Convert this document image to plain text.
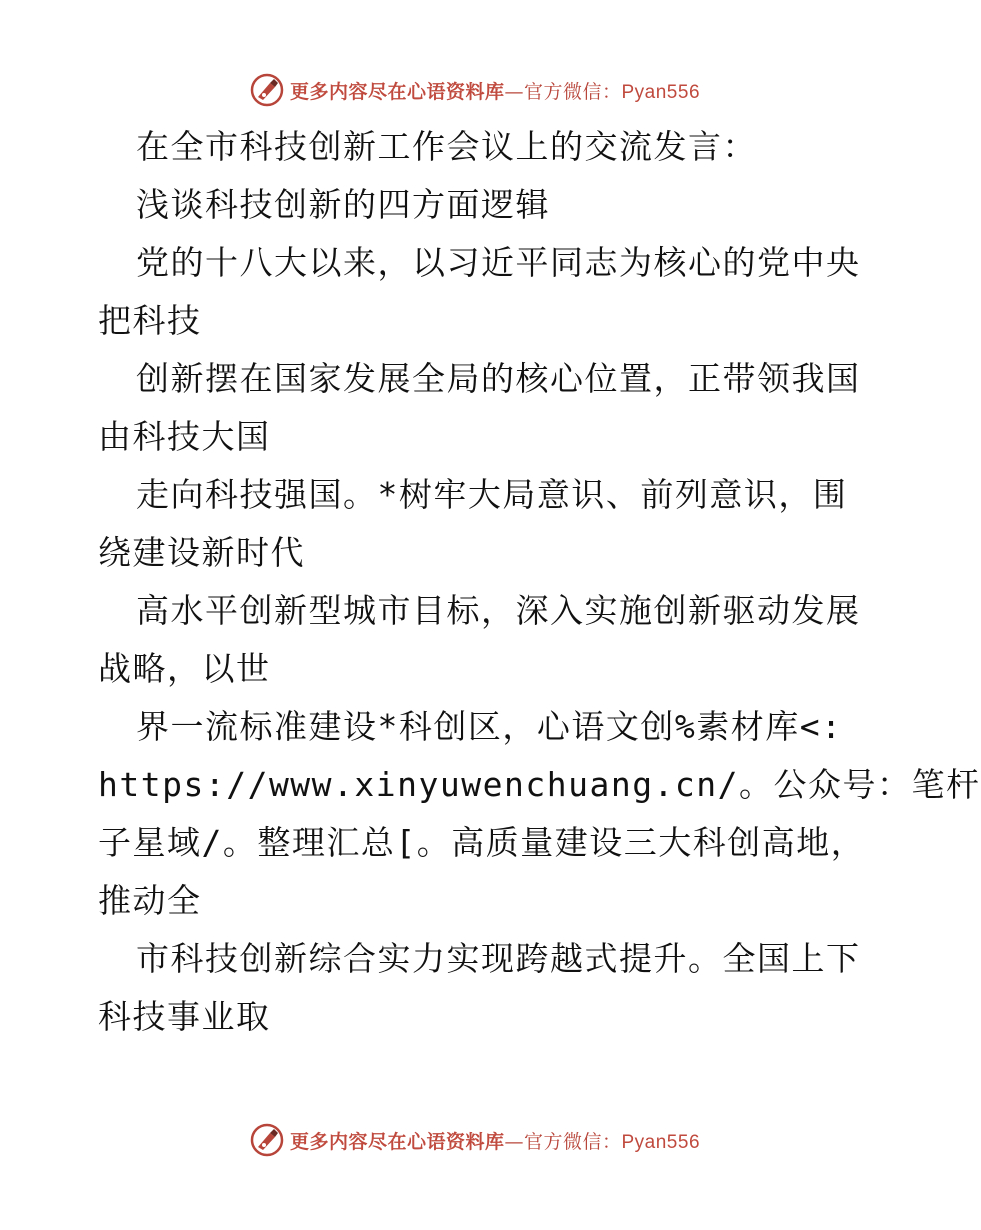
更多内容尽在心语资料库—官方微信：Pyan556
在全市科技创新工作会议上的交流发言：
浅谈科技创新的四方面逻辑
党的十八大以来，以习近平同志为核心的党中央
把科技
创新摆在国家发展全局的核心位置，正带领我国
由科技大国
走向科技强国。*树牢大局意识、前列意识，围
绕建设新时代
高水平创新型城市目标，深入实施创新驱动发展
战略，以世
界一流标准建设*科创区，心语文创%素材库<:
https://www.xinyuwenchuang.cn/。公众号：笔杆
子星域/。整理汇总[。高质量建设三大科创高地，
推动全
市科技创新综合实力实现跨越式提升。全国上下
科技事业取
更多内容尽在心语资料库—官方微信：Pyan556
